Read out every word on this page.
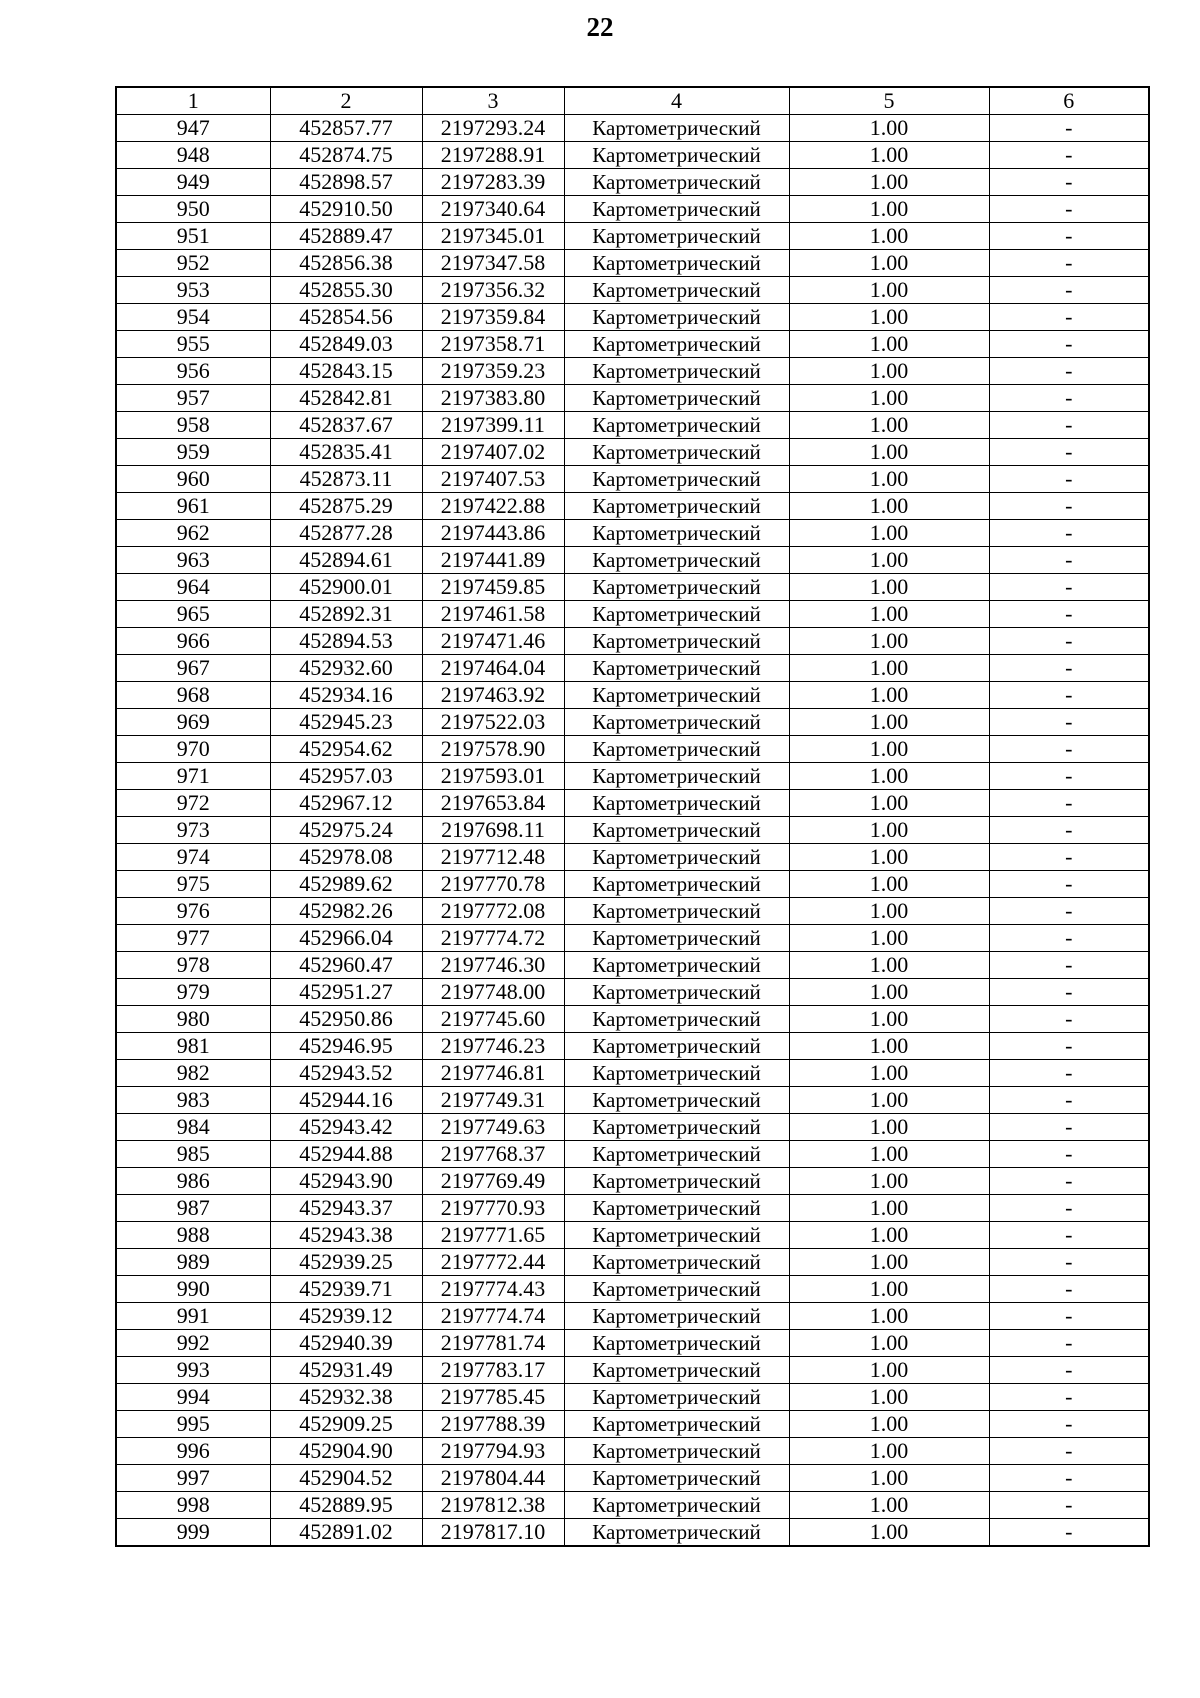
22
1	2	3	4	5	6
947	452857.77	2197293.24	Картометрический	1.00	-
948	452874.75	2197288.91	Картометрический	1.00	-
949	452898.57	2197283.39	Картометрический	1.00	-
950	452910.50	2197340.64	Картометрический	1.00	-
951	452889.47	2197345.01	Картометрический	1.00	-
952	452856.38	2197347.58	Картометрический	1.00	-
953	452855.30	2197356.32	Картометрический	1.00	-
954	452854.56	2197359.84	Картометрический	1.00	-
955	452849.03	2197358.71	Картометрический	1.00	-
956	452843.15	2197359.23	Картометрический	1.00	-
957	452842.81	2197383.80	Картометрический	1.00	-
958	452837.67	2197399.11	Картометрический	1.00	-
959	452835.41	2197407.02	Картометрический	1.00	-
960	452873.11	2197407.53	Картометрический	1.00	-
961	452875.29	2197422.88	Картометрический	1.00	-
962	452877.28	2197443.86	Картометрический	1.00	-
963	452894.61	2197441.89	Картометрический	1.00	-
964	452900.01	2197459.85	Картометрический	1.00	-
965	452892.31	2197461.58	Картометрический	1.00	-
966	452894.53	2197471.46	Картометрический	1.00	-
967	452932.60	2197464.04	Картометрический	1.00	-
968	452934.16	2197463.92	Картометрический	1.00	-
969	452945.23	2197522.03	Картометрический	1.00	-
970	452954.62	2197578.90	Картометрический	1.00	-
971	452957.03	2197593.01	Картометрический	1.00	-
972	452967.12	2197653.84	Картометрический	1.00	-
973	452975.24	2197698.11	Картометрический	1.00	-
974	452978.08	2197712.48	Картометрический	1.00	-
975	452989.62	2197770.78	Картометрический	1.00	-
976	452982.26	2197772.08	Картометрический	1.00	-
977	452966.04	2197774.72	Картометрический	1.00	-
978	452960.47	2197746.30	Картометрический	1.00	-
979	452951.27	2197748.00	Картометрический	1.00	-
980	452950.86	2197745.60	Картометрический	1.00	-
981	452946.95	2197746.23	Картометрический	1.00	-
982	452943.52	2197746.81	Картометрический	1.00	-
983	452944.16	2197749.31	Картометрический	1.00	-
984	452943.42	2197749.63	Картометрический	1.00	-
985	452944.88	2197768.37	Картометрический	1.00	-
986	452943.90	2197769.49	Картометрический	1.00	-
987	452943.37	2197770.93	Картометрический	1.00	-
988	452943.38	2197771.65	Картометрический	1.00	-
989	452939.25	2197772.44	Картометрический	1.00	-
990	452939.71	2197774.43	Картометрический	1.00	-
991	452939.12	2197774.74	Картометрический	1.00	-
992	452940.39	2197781.74	Картометрический	1.00	-
993	452931.49	2197783.17	Картометрический	1.00	-
994	452932.38	2197785.45	Картометрический	1.00	-
995	452909.25	2197788.39	Картометрический	1.00	-
996	452904.90	2197794.93	Картометрический	1.00	-
997	452904.52	2197804.44	Картометрический	1.00	-
998	452889.95	2197812.38	Картометрический	1.00	-
999	452891.02	2197817.10	Картометрический	1.00	-
